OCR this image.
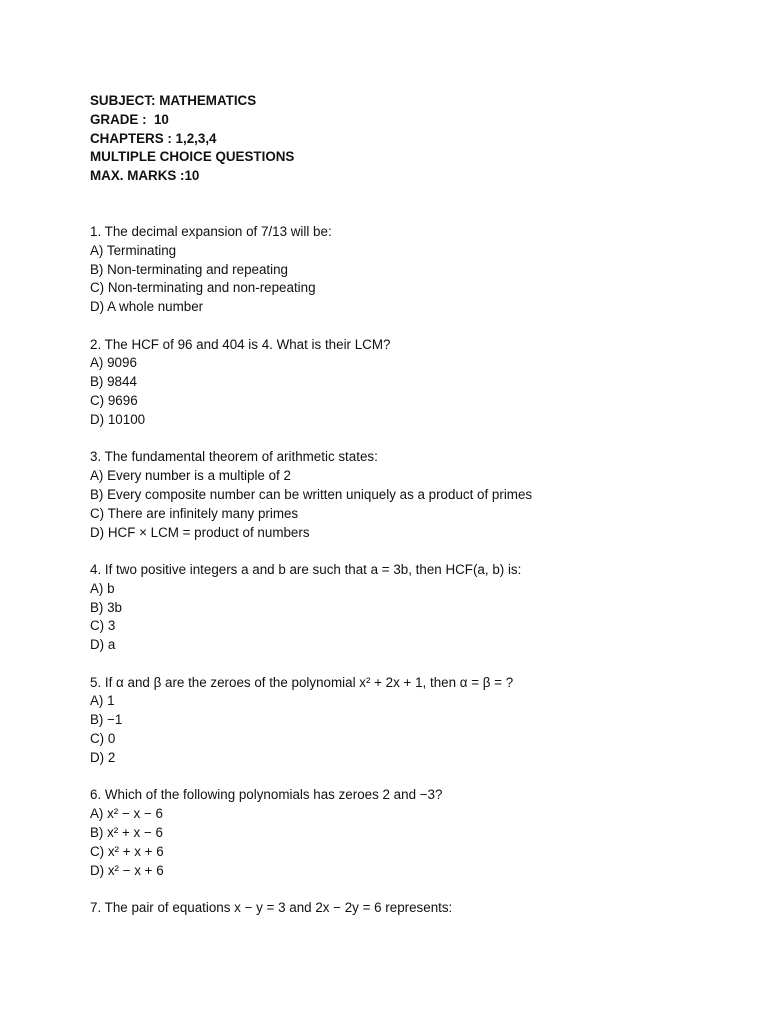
SUBJECT: MATHEMATICS
GRADE :  10
CHAPTERS : 1,2,3,4
MULTIPLE CHOICE QUESTIONS
MAX. MARKS :10
1. The decimal expansion of 7/13 will be:
A) Terminating
B) Non-terminating and repeating
C) Non-terminating and non-repeating
D) A whole number
2. The HCF of 96 and 404 is 4. What is their LCM?
A) 9096
B) 9844
C) 9696
D) 10100
3. The fundamental theorem of arithmetic states:
A) Every number is a multiple of 2
B) Every composite number can be written uniquely as a product of primes
C) There are infinitely many primes
D) HCF × LCM = product of numbers
4. If two positive integers a and b are such that a = 3b, then HCF(a, b) is:
A) b
B) 3b
C) 3
D) a
5. If α and β are the zeroes of the polynomial x² + 2x + 1, then α = β = ?
A) 1
B) −1
C) 0
D) 2
6. Which of the following polynomials has zeroes 2 and −3?
A) x² − x − 6
B) x² + x − 6
C) x² + x + 6
D) x² − x + 6
7. The pair of equations x − y = 3 and 2x − 2y = 6 represents:
